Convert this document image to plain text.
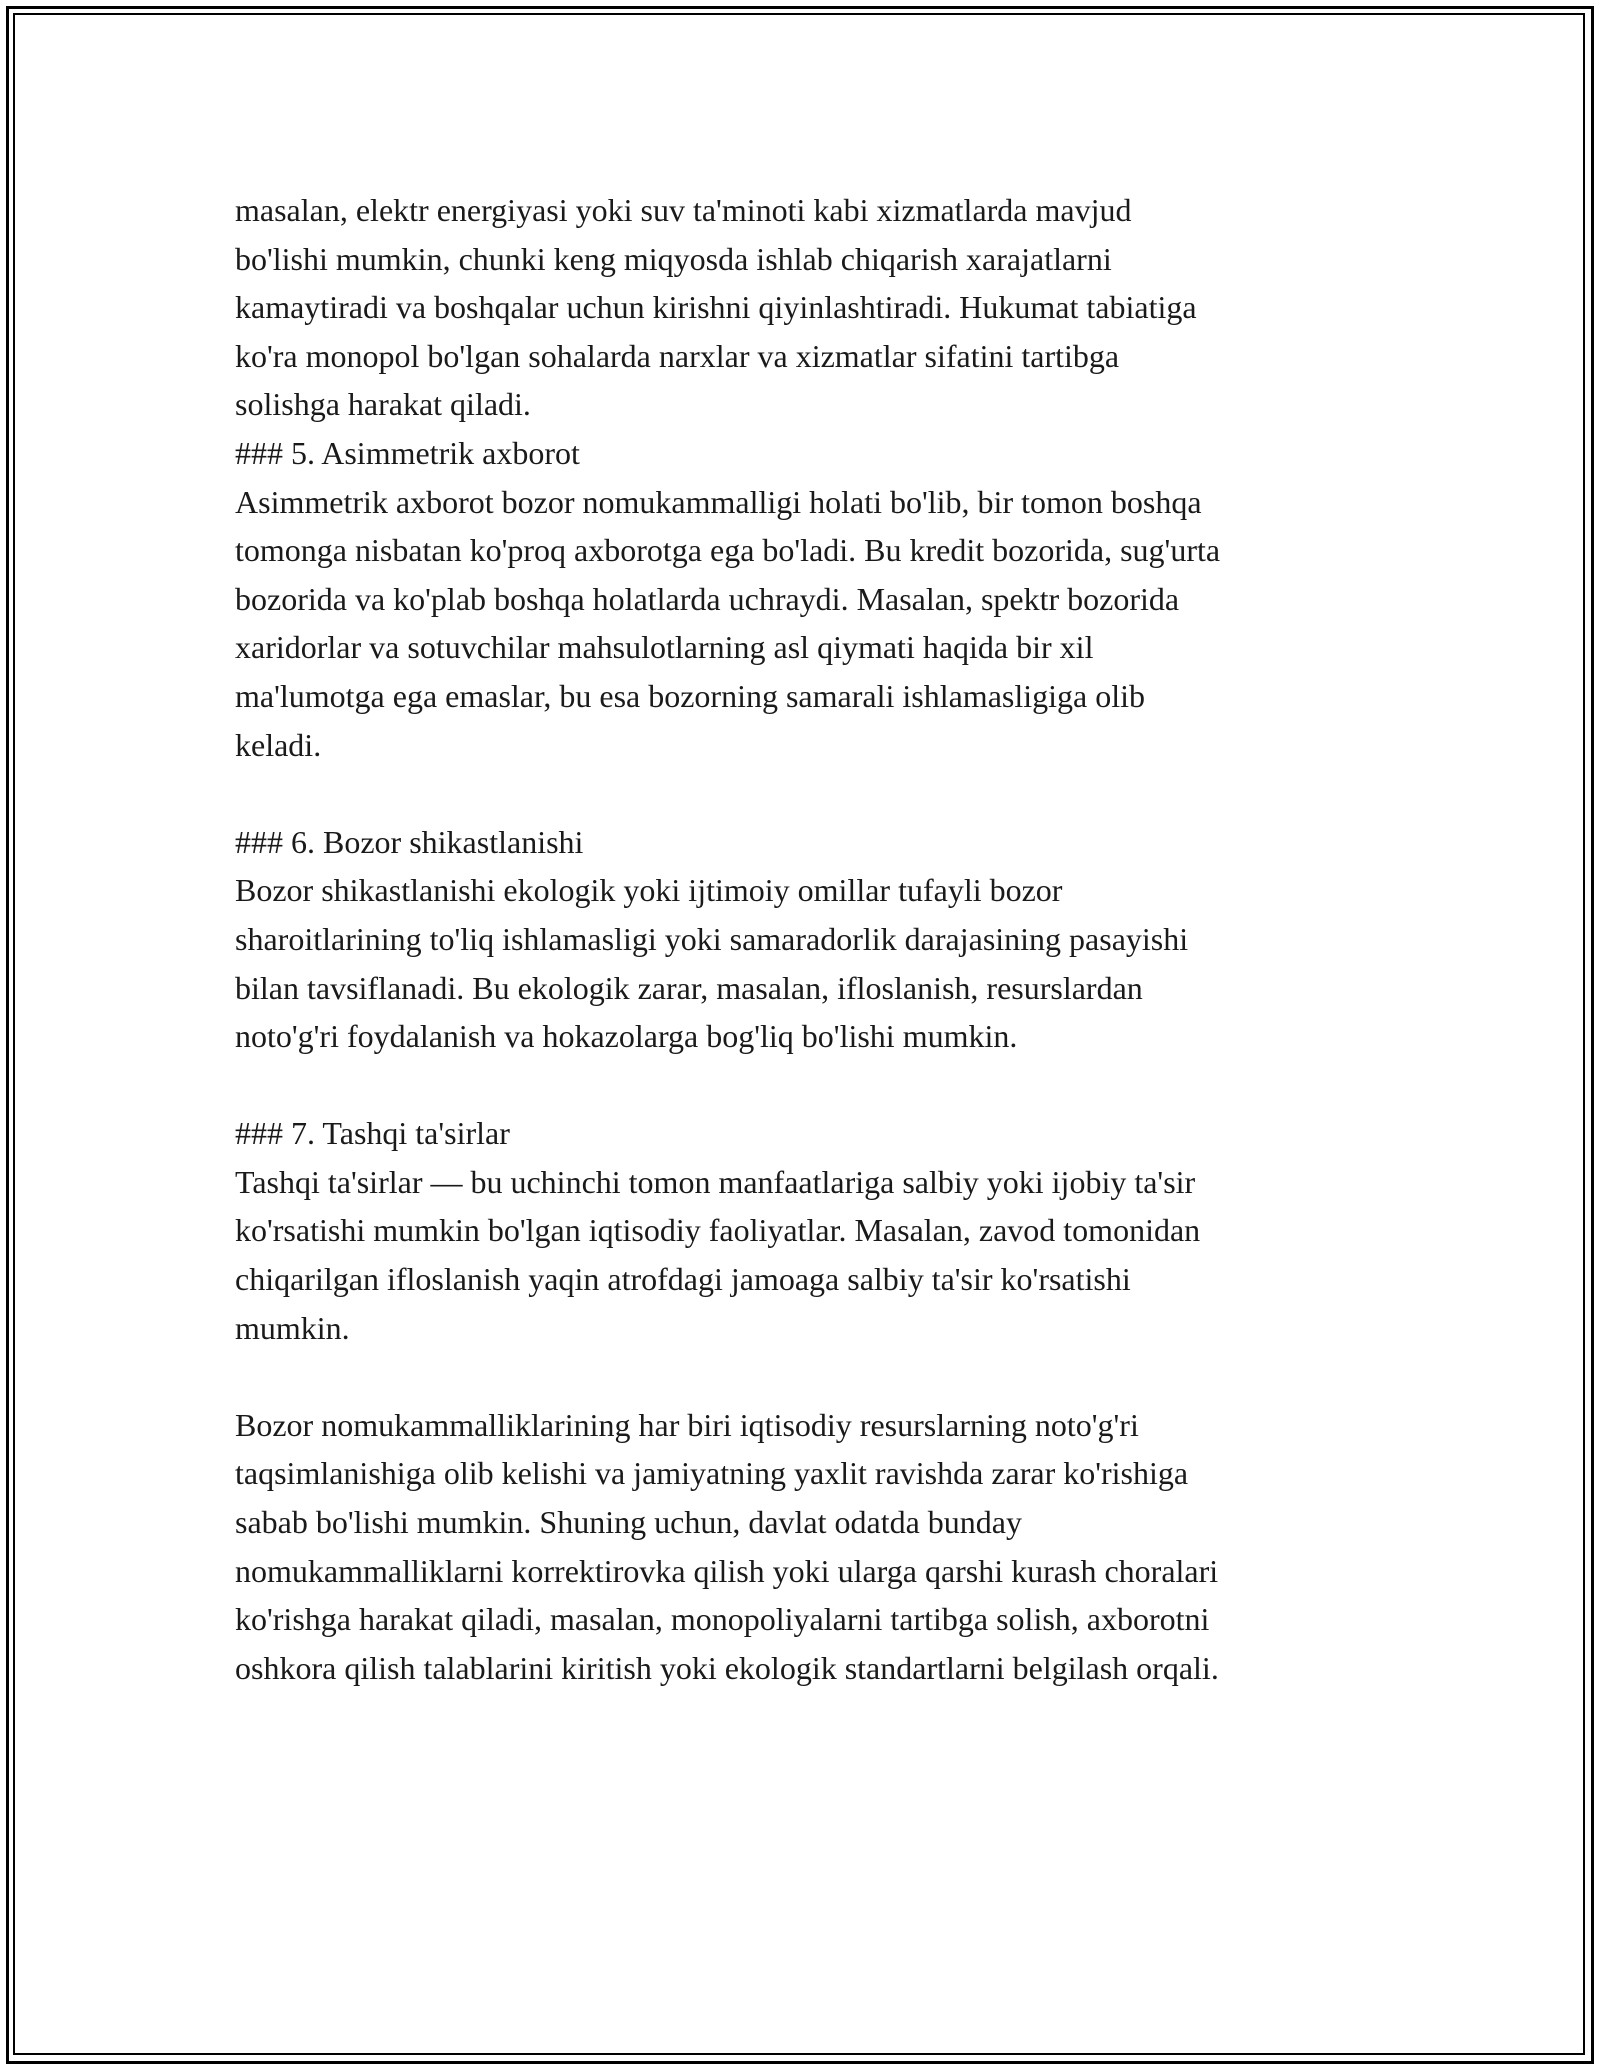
masalan, elektr energiyasi yoki suv ta'minoti kabi xizmatlarda mavjud
bo'lishi mumkin, chunki keng miqyosda ishlab chiqarish xarajatlarni
kamaytiradi va boshqalar uchun kirishni qiyinlashtiradi. Hukumat tabiatiga
ko'ra monopol bo'lgan sohalarda narxlar va xizmatlar sifatini tartibga
solishga harakat qiladi.

### 5. Asimmetrik axborot
Asimmetrik axborot bozor nomukammalligi holati bo'lib, bir tomon boshqa
tomonga nisbatan ko'proq axborotga ega bo'ladi. Bu kredit bozorida, sug'urta
bozorida va ko'plab boshqa holatlarda uchraydi. Masalan, spektr bozorida
xaridorlar va sotuvchilar mahsulotlarning asl qiymati haqida bir xil
ma'lumotga ega emaslar, bu esa bozorning samarali ishlamasligiga olib
keladi.
### 6. Bozor shikastlanishi
Bozor shikastlanishi ekologik yoki ijtimoiy omillar tufayli bozor
sharoitlarining to'liq ishlamasligi yoki samaradorlik darajasining pasayishi
bilan tavsiflanadi. Bu ekologik zarar, masalan, ifloslanish, resurslardan
noto'g'ri foydalanish va hokazolarga bog'liq bo'lishi mumkin.
### 7. Tashqi ta'sirlar
Tashqi ta'sirlar — bu uchinchi tomon manfaatlariga salbiy yoki ijobiy ta'sir
ko'rsatishi mumkin bo'lgan iqtisodiy faoliyatlar. Masalan, zavod tomonidan
chiqarilgan ifloslanish yaqin atrofdagi jamoaga salbiy ta'sir ko'rsatishi
mumkin.

Bozor nomukammalliklarining har biri iqtisodiy resurslarning noto'g'ri
taqsimlanishiga olib kelishi va jamiyatning yaxlit ravishda zarar ko'rishiga
sabab bo'lishi mumkin. Shuning uchun, davlat odatda bunday
nomukammalliklarni korrektirovka qilish yoki ularga qarshi kurash choralari
ko'rishga harakat qiladi, masalan, monopoliyalarni tartibga solish, axborotni
oshkora qilish talablarini kiritish yoki ekologik standartlarni belgilash orqali.
